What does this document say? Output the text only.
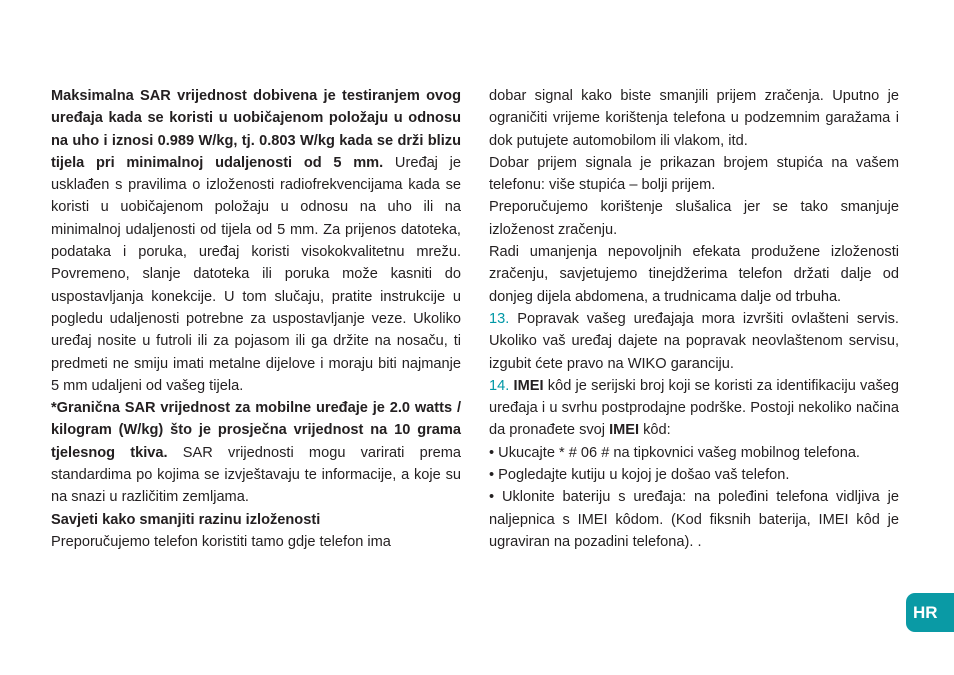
Maksimalna SAR vrijednost dobivena je testiranjem ovog uređaja kada se koristi u uobičajenom položaju u odnosu na uho i iznosi 0.989 W/kg, tj. 0.803 W/kg kada se drži blizu tijela pri minimalnoj udaljenosti od 5 mm. Uređaj je usklađen s pravilima o izloženosti radiofrekvencijama kada se koristi u uobičajenom položaju u odnosu na uho ili na minimalnoj udaljenosti od tijela od 5 mm. Za prijenos datoteka, podataka i poruka, uređaj koristi visokokvalitetnu mrežu. Povremeno, slanje datoteka ili poruka može kasniti do uspostavljanja konekcije. U tom slučaju, pratite instrukcije u pogledu udaljenosti potrebne za uspostavljanje veze. Ukoliko uređaj nosite u futroli ili za pojasom ili ga držite na nosaču, ti predmeti ne smiju imati metalne dijelove i moraju biti najmanje 5 mm udaljeni od vašeg tijela.

*Granična SAR vrijednost za mobilne uređaje je 2.0 watts / kilogram (W/kg) što je prosječna vrijednost na 10 grama tjelesnog tkiva. SAR vrijednosti mogu varirati prema standardima po kojima se izvještavaju te informacije, a koje su na snazi u različitim zemljama.

Savjeti kako smanjiti razinu izloženosti

Preporučujemo telefon koristiti tamo gdje telefon ima

dobar signal kako biste smanjili prijem zračenja. Uputno je ograničiti vrijeme korištenja telefona u podzemnim garažama i dok putujete automobilom ili vlakom, itd.

Dobar prijem signala je prikazan brojem stupića na vašem telefonu: više stupića – bolji prijem.

Preporučujemo korištenje slušalica jer se tako smanjuje izloženost zračenju.

Radi umanjenja nepovoljnih efekata produžene izloženosti zračenju, savjetujemo tinejdžerima telefon držati dalje od donjeg dijela abdomena, a trudnicama dalje od trbuha.

13. Popravak vašeg uređajaja mora izvršiti ovlašteni servis. Ukoliko vaš uređaj dajete na popravak neovlaštenom servisu, izgubit ćete pravo na WIKO garanciju.

14. IMEI kôd je serijski broj koji se koristi za identifikaciju vašeg uređaja i u svrhu postprodajne podrške. Postoji nekoliko načina da pronađete svoj IMEI kôd:

• Ukucajte * # 06 # na tipkovnici vašeg mobilnog telefona.

• Pogledajte kutiju u kojoj je došao vaš telefon.

• Uklonite bateriju s uređaja: na poleđini telefona vidljiva je naljepnica s IMEI kôdom. (Kod fiksnih baterija, IMEI kôd je ugraviran na pozadini telefona). .

HR
